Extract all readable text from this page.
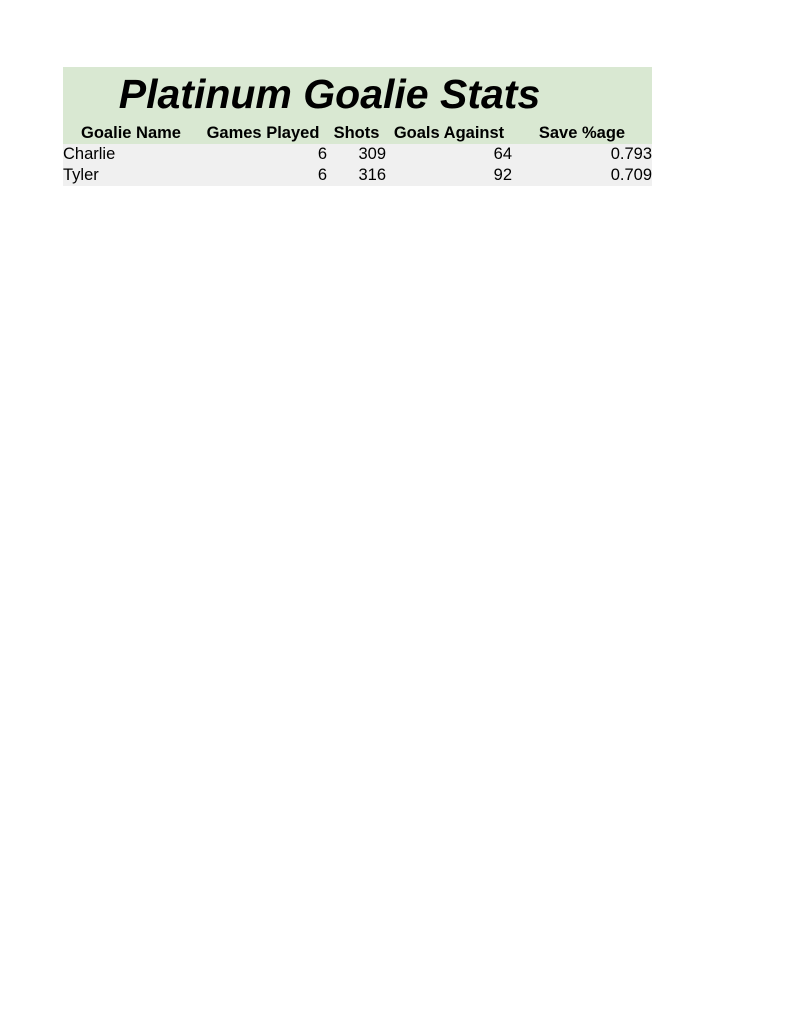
Platinum Goalie Stats
Goalie Name	Games Played	Shots	Goals Against	Save %age
Charlie	6	309	64	0.793
Tyler	6	316	92	0.709
